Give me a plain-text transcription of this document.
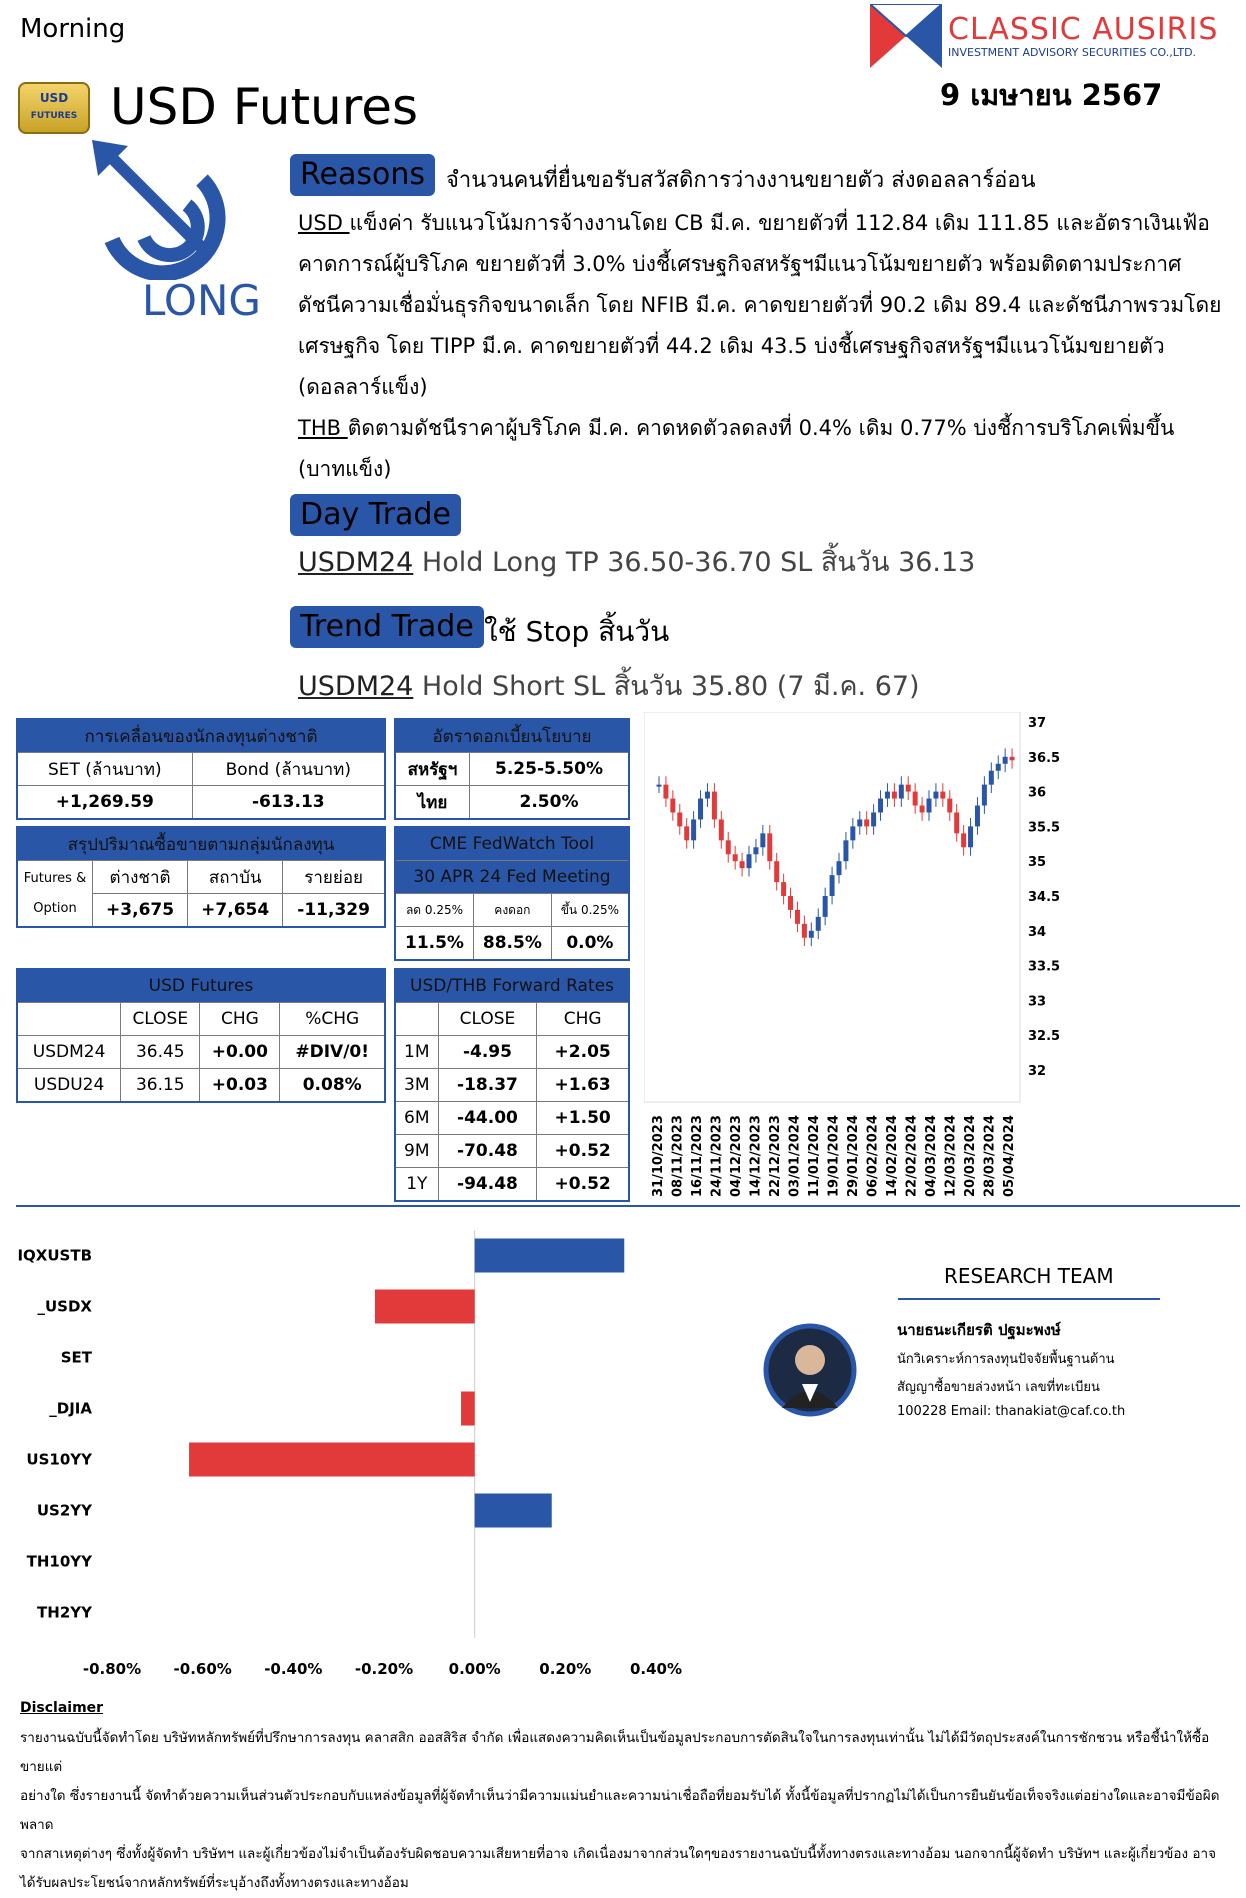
Morning
USD
FUTURES USD Futures
CLASSIC AUSIRIS
INVESTMENT ADVISORY SECURITIES CO.,LTD.
9 เมษายน 2567
LONG
Reasons จำนวนคนที่ยื่นขอรับสวัสดิการว่างงานขยายตัว ส่งดอลลาร์อ่อน
USD แข็งค่า รับแนวโน้มการจ้างงานโดย CB มี.ค. ขยายตัวที่ 112.84 เดิม 111.85 และอัตราเงินเฟ้อ
คาดการณ์ผู้บริโภค ขยายตัวที่ 3.0% บ่งชี้เศรษฐกิจสหรัฐฯมีแนวโน้มขยายตัว พร้อมติดตามประกาศ
ดัชนีความเชื่อมั่นธุรกิจขนาดเล็ก โดย NFIB มี.ค. คาดขยายตัวที่ 90.2 เดิม 89.4 และดัชนีภาพรวมโดย
เศรษฐกิจ โดย TIPP มี.ค. คาดขยายตัวที่ 44.2 เดิม 43.5 บ่งชี้เศรษฐกิจสหรัฐฯมีแนวโน้มขยายตัว
(ดอลลาร์แข็ง)
THB ติดตามดัชนีราคาผู้บริโภค มี.ค. คาดหดตัวลดลงที่ 0.4% เดิม 0.77% บ่งชี้การบริโภคเพิ่มขึ้น
(บาทแข็ง)
Day Trade
USDM24 Hold Long TP 36.50-36.70 SL สิ้นวัน 36.13
Trend Trade ใช้ Stop สิ้นวัน
USDM24 Hold Short SL สิ้นวัน 35.80 (7 มี.ค. 67)
การเคลื่อนของนักลงทุนต่างชาติ	
SET (ล้านบาท)	Bond (ล้านบาท)
+1,269.59	-613.13
อัตราดอกเบี้ยนโยบาย	
สหรัฐฯ	5.25-5.50%
ไทย	2.50%
สรุปปริมาณซื้อขายตามกลุ่มนักลงทุน			
Futures &
Option	ต่างชาติ	สถาบัน	รายย่อย
	+3,675	+7,654	-11,329
CME FedWatch Tool		
30 APR 24 Fed Meeting		
ลด 0.25%	คงดอก	ขึ้น 0.25%
11.5%	88.5%	0.0%
USD Futures			
	CLOSE	CHG	%CHG
USDM24	36.45	+0.00	#DIV/0!
USDU24	36.15	+0.03	0.08%
USD/THB Forward Rates		
	CLOSE	CHG
1M	-4.95	+2.05
3M	-18.37	+1.63
6M	-44.00	+1.50
9M	-70.48	+0.52
1Y	-94.48	+0.52
37
36.5
36
35.5
35
34.5
34
33.5
33
32.5
32
31/10/2023 08/11/2023 16/11/2023 24/11/2023 04/12/2023 14/12/2023 22/12/2023 03/01/2024 11/01/2024 19/01/2024 29/01/2024 06/02/2024 14/02/2024 22/02/2024 04/03/2024 12/03/2024 20/03/2024 28/03/2024 05/04/2024
IQXUSTB
_USDX
SET
_DJIA
US10YY
US2YY
TH10YY
TH2YY
-0.80% -0.60% -0.40% -0.20% 0.00%	0.20%	0.40%
RESEARCH TEAM
นายธนะเกียรติ ปฐมะพงษ์
นักวิเคราะห์การลงทุนปัจจัยพื้นฐานด้าน
สัญญาซื้อขายล่วงหน้า เลขที่ทะเบียน
100228 Email: thanakiat@caf.co.th
Disclaimer
รายงานฉบับนี้จัดทำโดย บริษัทหลักทรัพย์ที่ปรึกษาการลงทุน คลาสสิก ออสสิริส จำกัด เพื่อแสดงความคิดเห็นเป็นข้อมูลประกอบการตัดสินใจในการลงทุนเท่านั้น ไม่ได้มีวัตถุประสงค์ในการชักชวน หรือชี้นำให้ซื้อขายแต่
อย่างใด ซึ่งรายงานนี้ จัดทำด้วยความเห็นส่วนตัวประกอบกับแหล่งข้อมูลที่ผู้จัดทำเห็นว่ามีความแม่นยำและความน่าเชื่อถือที่ยอมรับได้ ทั้งนี้ข้อมูลที่ปรากฏไม่ได้เป็นการยืนยันข้อเท็จจริงแต่อย่างใดและอาจมีข้อผิดพลาด
จากสาเหตุต่างๆ ซึ่งทั้งผู้จัดทำ บริษัทฯ และผู้เกี่ยวข้องไม่จำเป็นต้องรับผิดชอบความเสียหายที่อาจ เกิดเนื่องมาจากส่วนใดๆของรายงานฉบับนี้ทั้งทางตรงและทางอ้อม นอกจากนี้ผู้จัดทำ บริษัทฯ และผู้เกี่ยวข้อง อาจ
ได้รับผลประโยชน์จากหลักทรัพย์ที่ระบุอ้างถึงทั้งทางตรงและทางอ้อม
